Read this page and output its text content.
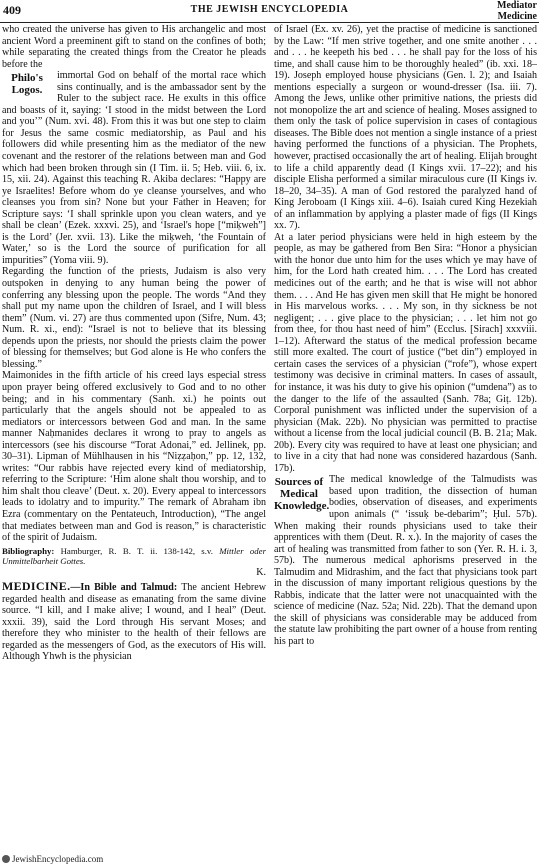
409	THE JEWISH ENCYCLOPEDIA	Mediator
Medicine

who created the universe has given to His archangelic and most ancient Word a preeminent gift to stand on the confines of both; while separating the created things from the Creator he pleads before the

Philo's Logos.
immortal God on behalf of the mortal race which sins continually, and is the ambassador sent by the Ruler to the subject race. He exults in this office and boasts of it, saying: ‘I stood in the midst between the Lord and you’” (Num. xvi. 48). From this it was but one step to claim for Jesus the same cosmic mediatorship, as Paul and his followers did while presenting him as the mediator of the new covenant and the restorer of the relations between man and God which had been broken through sin (I Tim. ii. 5; Heb. viii. 6, ix. 15, xii. 24). Against this teaching R. Akiba declares: “Happy are ye Israelites! Before whom do ye cleanse yourselves, and who cleanses you from sin? None but your Father in Heaven; for Scripture says: ‘I shall sprinkle upon you clean waters, and ye shall be clean’ (Ezek. xxxvi. 25), and ‘Israel's hope [“miḳweh”] is the Lord’ (Jer. xvii. 13). Like the miḳweh, ‘the Fountain of Water,’ so is the Lord the source of purification for all impurities” (Yoma viii. 9).

Regarding the function of the priests, Judaism is also very outspoken in denying to any human being the power of conferring any blessing upon the people. The words “And they shall put my name upon the children of Israel, and I will bless them” (Num. vi. 27) are thus commented upon (Sifre, Num. 43; Num. R. xi., end): “Israel is not to believe that its blessing depends upon the priests, nor should the priests claim the power of blessing for themselves; but God alone is He who confers the blessing.”

Maimonides in the fifth article of his creed lays especial stress upon prayer being offered exclusively to God and to no other being; and in his commentary (Sanh. xi.) he points out particularly that the angels should not be appealed to as mediators or intercessors between God and man. In the same manner Naḥmanides declares it wrong to pray to angels as intercessors (see his discourse “Torat Adonai,” ed. Jellinek, pp. 30–31). Lipman of Mühlhausen in his “Niẓẓaḥon,” pp. 12, 132, writes: “Our rabbis have rejected every kind of mediatorship, referring to the Scripture: ‘Him alone shalt thou worship, and to him shalt thou cleave’ (Deut. x. 20). Every appeal to intercessors leads to idolatry and to impurity.” The remark of Abraham ibn Ezra (commentary on the Pentateuch, Introduction), “The angel that mediates between man and God is reason,” is characteristic of the spirit of Judaism.

Bibliography: Hamburger, R. B. T. ii. 138-142, s.v. Mittler oder Unmittelbarheit Gottes.

K.

MEDICINE.—In Bible and Talmud: The ancient Hebrew regarded health and disease as emanating from the same divine source. “I kill, and I make alive; I wound, and I heal” (Deut. xxxii. 39), said the Lord through His servant Moses; and therefore they who minister to the health of their fellows are regarded as the messengers of God, as the executors of His will. Although Yhwh is the physician

of Israel (Ex. xv. 26), yet the practise of medicine is sanctioned by the Law: “If men strive together, and one smite another . . . and . . . he keepeth his bed . . . he shall pay for the loss of his time, and shall cause him to be thoroughly healed” (ib. xxi. 18–19). Joseph employed house physicians (Gen. l. 2); and Isaiah mentions especially a surgeon or wound-dresser (Isa. iii. 7). Among the Jews, unlike other primitive nations, the priests did not monopolize the art and science of healing. Moses assigned to them only the task of police supervision in cases of contagious diseases. The Bible does not mention a single instance of a priest having performed the functions of a physician. The Prophets, however, practised occasionally the art of healing. Elijah brought to life a child apparently dead (I Kings xvii. 17–22); and his disciple Elisha performed a similar miraculous cure (II Kings iv. 18–20, 34–35). A man of God restored the paralyzed hand of King Jeroboam (I Kings xiii. 4–6). Isaiah cured King Hezekiah of an inflammation by applying a plaster made of figs (II Kings xx. 7).

At a later period physicians were held in high esteem by the people, as may be gathered from Ben Sira: “Honor a physician with the honor due unto him for the uses which ye may have of him, for the Lord hath created him. . . . The Lord has created medicines out of the earth; and he that is wise will not abhor them. . . . And He has given men skill that He might be honored in His marvelous works. . . . My son, in thy sickness be not negligent; . . . give place to the physician; . . . let him not go from thee, for thou hast need of him” (Ecclus. [Sirach] xxxviii. 1–12). Afterward the status of the medical profession became still more exalted. The court of justice (“bet din”) employed in certain cases the services of a physician (“rofe”), whose expert testimony was decisive in criminal matters. In cases of assault, for instance, it was his duty to give his opinion (“umdena”) as to the danger to the life of the assaulted (Sanh. 78a; Giṭ. 12b). Corporal punishment was inflicted under the supervision of a physician (Mak. 22b). No physician was permitted to practise without a license from the local judicial council (B. B. 21a; Mak. 20b). Every city was required to have at least one physician; and to live in a city that had none was considered hazardous (Sanh. 17b).

Sources of Medical Knowledge.
The medical knowledge of the Talmudists was based upon tradition, the dissection of human bodies, observation of diseases, and experiments upon animals (“ ‘issuḳ be-debarim”; Ḥul. 57b). When making their rounds physicians used to take their apprentices with them (Deut. R. x.). In the majority of cases the art of healing was transmitted from father to son (Yer. R. H. i. 3, 57b). The numerous medical aphorisms preserved in the Talmudim and Midrashim, and the fact that physicians took part in the discussion of many important religious questions by the Rabbis, indicate that the latter were not unacquainted with the science of medicine (Naz. 52a; Nid. 22b). That the demand upon the skill of physicians was considerable may be adduced from the statute law prohibiting the part owner of a house from renting his part to

JewishEncyclopedia.com
